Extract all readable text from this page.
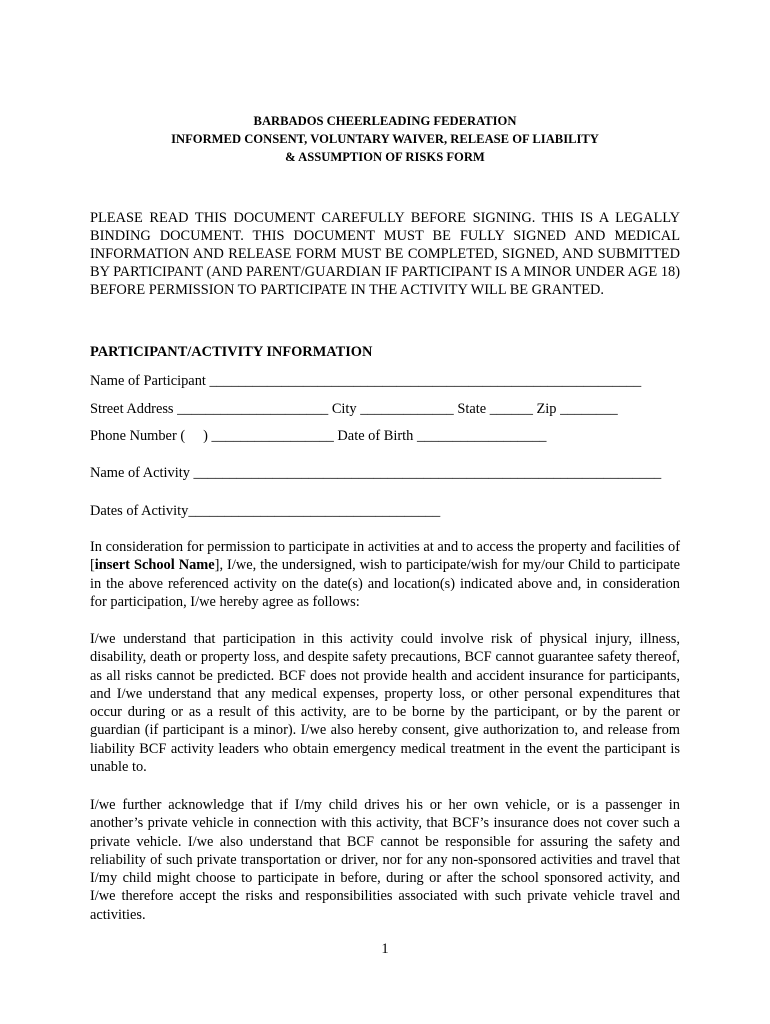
BARBADOS CHEERLEADING FEDERATION
INFORMED CONSENT, VOLUNTARY WAIVER, RELEASE OF LIABILITY
& ASSUMPTION OF RISKS FORM
PLEASE READ THIS DOCUMENT CAREFULLY BEFORE SIGNING. THIS IS A LEGALLY BINDING DOCUMENT. THIS DOCUMENT MUST BE FULLY SIGNED AND MEDICAL INFORMATION AND RELEASE FORM MUST BE COMPLETED, SIGNED, AND SUBMITTED BY PARTICIPANT (AND PARENT/GUARDIAN IF PARTICIPANT IS A MINOR UNDER AGE 18) BEFORE PERMISSION TO PARTICIPATE IN THE ACTIVITY WILL BE GRANTED.
PARTICIPANT/ACTIVITY INFORMATION
Name of Participant ____________________________________________________________
Street Address _____________________ City _____________ State ______ Zip ________
Phone Number (     ) _________________ Date of Birth __________________
Name of Activity _________________________________________________________________
Dates of Activity___________________________________
In consideration for permission to participate in activities at and to access the property and facilities of [insert School Name], I/we, the undersigned, wish to participate/wish for my/our Child to participate in the above referenced activity on the date(s) and location(s) indicated above and, in consideration for participation, I/we hereby agree as follows:
I/we understand that participation in this activity could involve risk of physical injury, illness, disability, death or property loss, and despite safety precautions, BCF cannot guarantee safety thereof, as all risks cannot be predicted. BCF does not provide health and accident insurance for participants, and I/we understand that any medical expenses, property loss, or other personal expenditures that occur during or as a result of this activity, are to be borne by the participant, or by the parent or guardian (if participant is a minor). I/we also hereby consent, give authorization to, and release from liability BCF activity leaders who obtain emergency medical treatment in the event the participant is unable to.
I/we further acknowledge that if I/my child drives his or her own vehicle, or is a passenger in another’s private vehicle in connection with this activity, that BCF’s insurance does not cover such a private vehicle. I/we also understand that BCF cannot be responsible for assuring the safety and reliability of such private transportation or driver, nor for any non-sponsored activities and travel that I/my child might choose to participate in before, during or after the school sponsored activity, and I/we therefore accept the risks and responsibilities associated with such private vehicle travel and activities.
1
